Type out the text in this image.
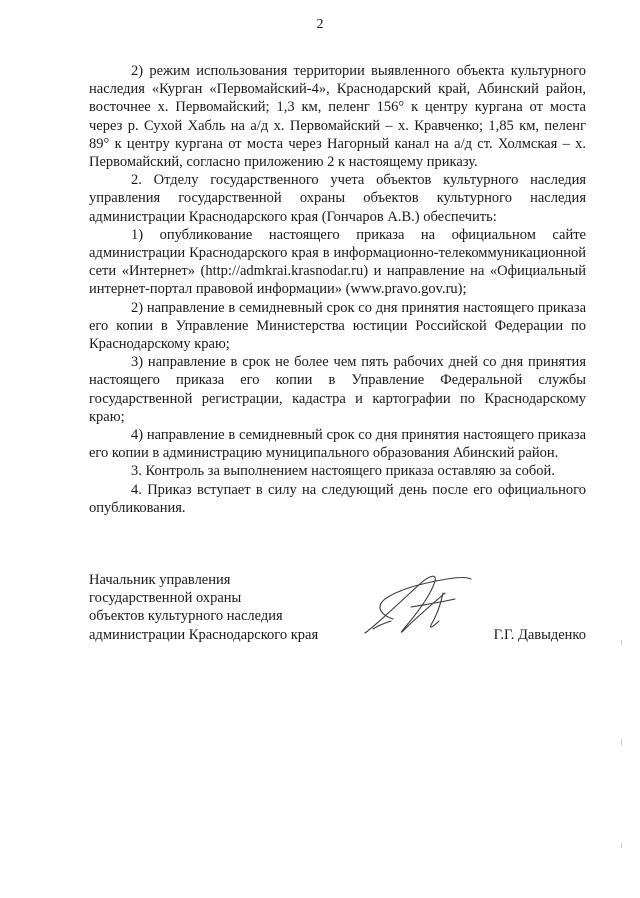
2

2) режим использования территории выявленного объекта культурного наследия «Курган «Первомайский-4», Краснодарский край, Абинский район, восточнее х. Первомайский; 1,3 км, пеленг 156° к центру кургана от моста через р. Сухой Хабль на а/д х. Первомайский – х. Кравченко; 1,85 км, пеленг 89° к центру кургана от моста через Нагорный канал на а/д ст. Холмская – х. Первомайский, согласно приложению 2 к настоящему приказу.

2. Отделу государственного учета объектов культурного наследия управления государственной охраны объектов культурного наследия администрации Краснодарского края (Гончаров А.В.) обеспечить:

1) опубликование настоящего приказа на официальном сайте администрации Краснодарского края в информационно-телекоммуникационной сети «Интернет» (http://admkrai.krasnodar.ru) и направление на «Официальный интернет-портал правовой информации» (www.pravo.gov.ru);

2) направление в семидневный срок со дня принятия настоящего приказа его копии в Управление Министерства юстиции Российской Федерации по Краснодарскому краю;

3) направление в срок не более чем пять рабочих дней со дня принятия настоящего приказа его копии в Управление Федеральной службы государственной регистрации, кадастра и картографии по Краснодарскому краю;

4) направление в семидневный срок со дня принятия настоящего приказа его копии в администрацию муниципального образования Абинский район.

3. Контроль за выполнением настоящего приказа оставляю за собой.

4. Приказ вступает в силу на следующий день после его официального опубликования.

Начальник управления
государственной охраны
объектов культурного наследия
администрации Краснодарского края	Г.Г. Давыденко
